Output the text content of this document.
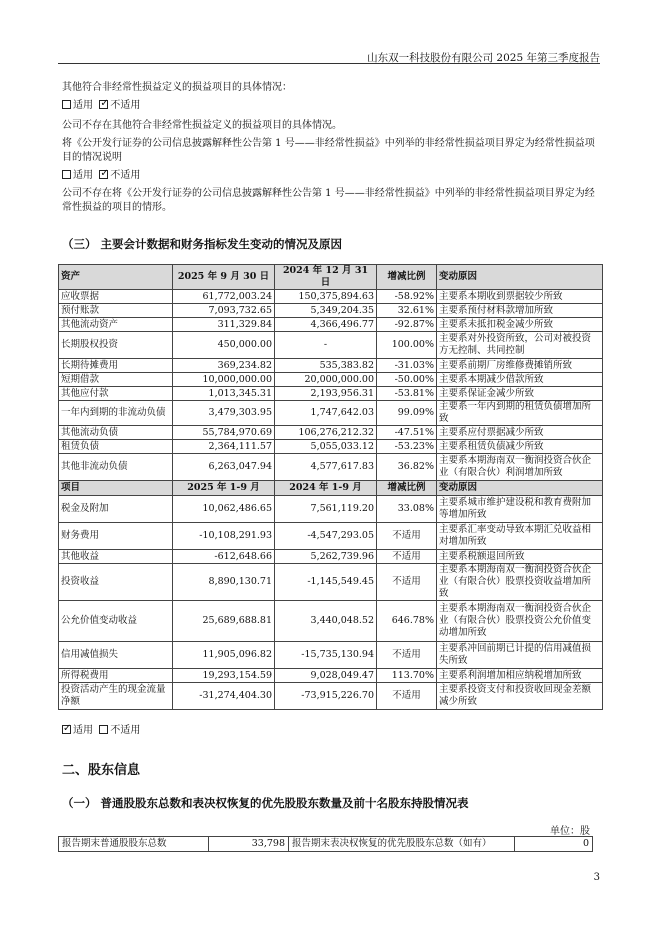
山东双一科技股份有限公司 2025 年第三季度报告
其他符合非经常性损益定义的损益项目的具体情况：
适用 ✓ 不适用
公司不存在其他符合非经常性损益定义的损益项目的具体情况。
将《公开发行证券的公司信息披露解释性公告第 1 号——非经常性损益》中列举的非经常性损益项目界定为经常性损益项目的情况说明
适用 ✓ 不适用
公司不存在将《公开发行证券的公司信息披露解释性公告第 1 号——非经常性损益》中列举的非经常性损益项目界定为经常性损益的项目的情形。
（三） 主要会计数据和财务指标发生变动的情况及原因
资产	2025 年 9 月 30 日	2024 年 12 月 31 日	增减比例	变动原因
应收票据	61,772,003.24	150,375,894.63	-58.92%	主要系本期收到票据较少所致
预付账款	7,093,732.65	5,349,204.35	32.61%	主要系预付材料款增加所致
其他流动资产	311,329.84	4,366,496.77	-92.87%	主要系未抵扣税金减少所致
长期股权投资	450,000.00	-	100.00%	主要系对外投资所致，公司对被投资方无控制、共同控制
长期待摊费用	369,234.82	535,383.82	-31.03%	主要系前期厂房维修费摊销所致
短期借款	10,000,000.00	20,000,000.00	-50.00%	主要系本期减少借款所致
其他应付款	1,013,345.31	2,193,956.31	-53.81%	主要系保证金减少所致
一年内到期的非流动负债	3,479,303.95	1,747,642.03	99.09%	主要系一年内到期的租赁负债增加所致
其他流动负债	55,784,970.69	106,276,212.32	-47.51%	主要系应付票据减少所致
租赁负债	2,364,111.57	5,055,033.12	-53.23%	主要系租赁负债减少所致
其他非流动负债	6,263,047.94	4,577,617.83	36.82%	主要系本期海南双一衡润投资合伙企业（有限合伙）利润增加所致
项目	2025 年 1-9 月	2024 年 1-9 月	增减比例	变动原因
税金及附加	10,062,486.65	7,561,119.20	33.08%	主要系城市维护建设税和教育费附加等增加所致
财务费用	-10,108,291.93	-4,547,293.05	不适用	主要系汇率变动导致本期汇兑收益相对增加所致
其他收益	-612,648.66	5,262,739.96	不适用	主要系税额退回所致
投资收益	8,890,130.71	-1,145,549.45	不适用	主要系本期海南双一衡润投资合伙企业（有限合伙）股票投资收益增加所致
公允价值变动收益	25,689,688.81	3,440,048.52	646.78%	主要系本期海南双一衡润投资合伙企业（有限合伙）股票投资公允价值变动增加所致
信用减值损失	11,905,096.82	-15,735,130.94	不适用	主要系冲回前期已计提的信用减值损失所致
所得税费用	19,293,154.59	9,028,049.47	113.70%	主要系利润增加相应纳税增加所致
投资活动产生的现金流量净额	-31,274,404.30	-73,915,226.70	不适用	主要系投资支付和投资收回现金差额减少所致
✓适用 不适用
二、股东信息
（一） 普通股股东总数和表决权恢复的优先股股东数量及前十名股东持股情况表
单位：股
报告期末普通股股东总数	33,798	报告期末表决权恢复的优先股股东总数（如有）	0
3
